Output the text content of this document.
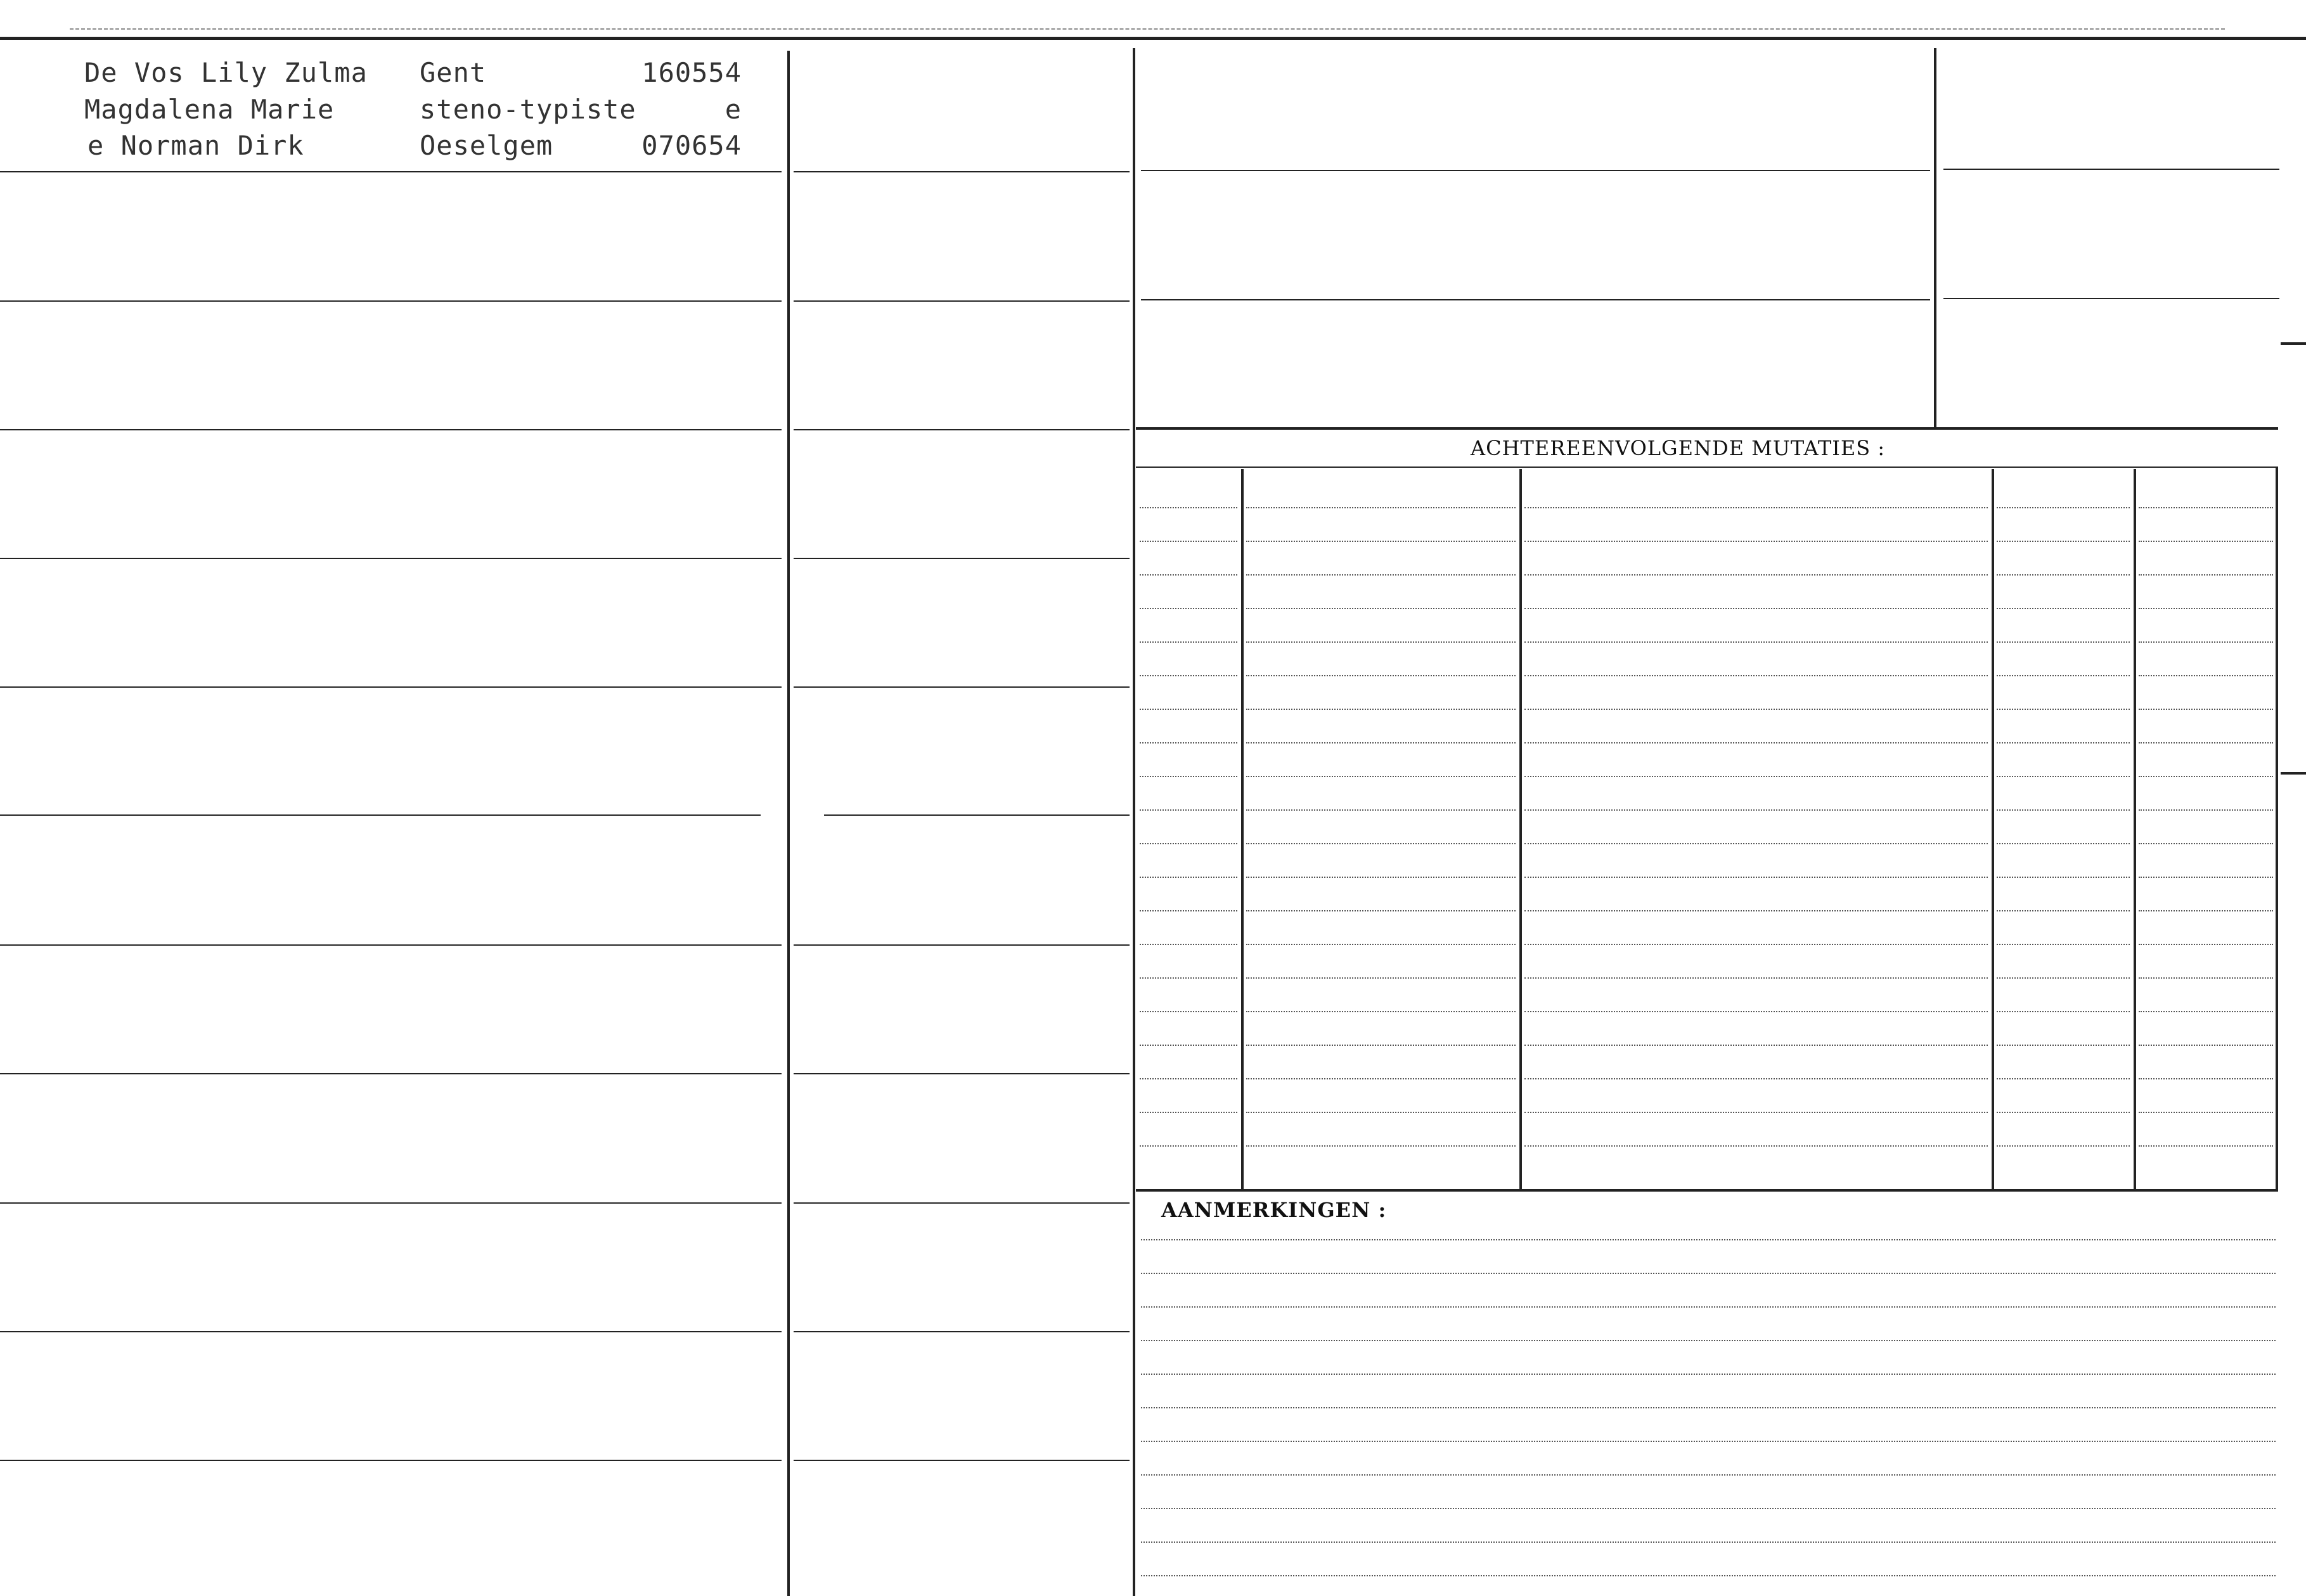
De Vos Lily Zulma
Magdalena Marie
e Norman Dirk
Gent
steno-typiste
Oeselgem
160554
e
070654
ACHTEREENVOLGENDE MUTATIES :
AANMERKINGEN :
